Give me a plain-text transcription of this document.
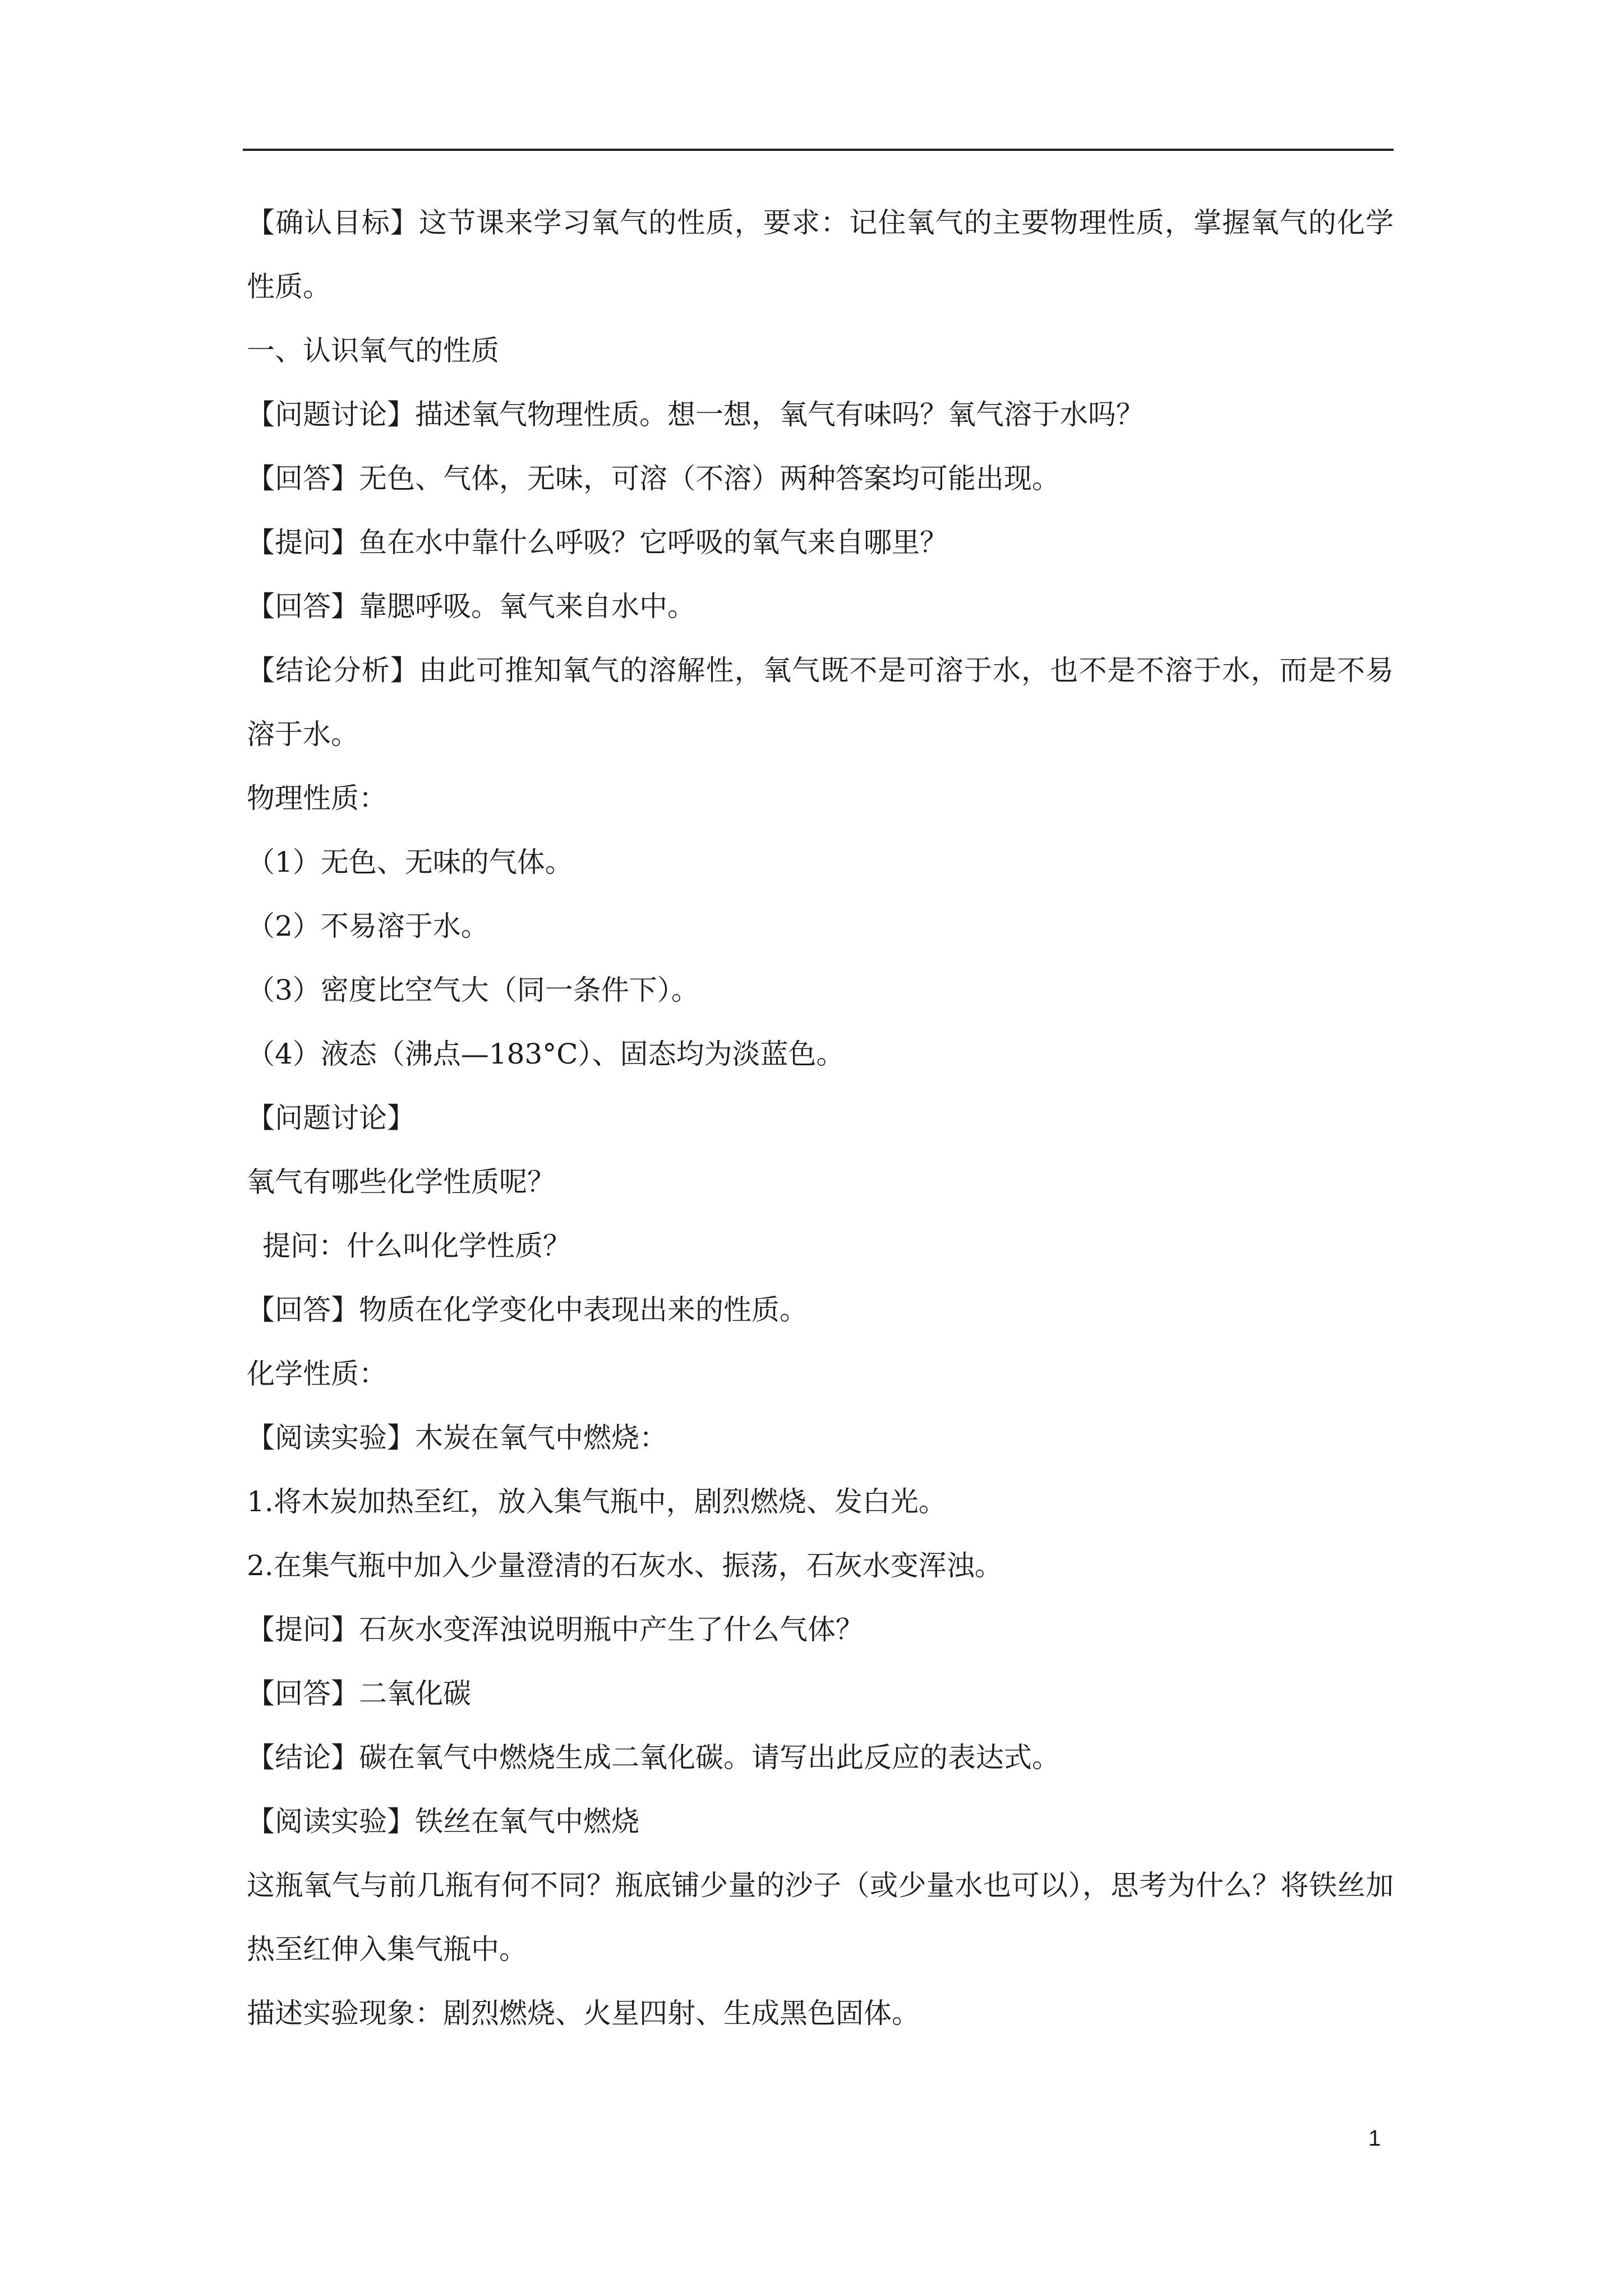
【确认目标】这节课来学习氧气的性质，要求：记住氧气的主要物理性质，掌握氧气的化学性质。
一、认识氧气的性质
【问题讨论】描述氧气物理性质。想一想，氧气有味吗？氧气溶于水吗？
【回答】无色、气体，无味，可溶（不溶）两种答案均可能出现。
【提问】鱼在水中靠什么呼吸？它呼吸的氧气来自哪里？
【回答】靠腮呼吸。氧气来自水中。
【结论分析】由此可推知氧气的溶解性，氧气既不是可溶于水，也不是不溶于水，而是不易溶于水。
物理性质：
（1）无色、无味的气体。
（2）不易溶于水。
（3）密度比空气大（同一条件下）。
（4）液态（沸点—183°C）、固态均为淡蓝色。
【问题讨论】
氧气有哪些化学性质呢？
提问：什么叫化学性质？
【回答】物质在化学变化中表现出来的性质。
化学性质：
【阅读实验】木炭在氧气中燃烧：
1.将木炭加热至红，放入集气瓶中，剧烈燃烧、发白光。
2.在集气瓶中加入少量澄清的石灰水、振荡，石灰水变浑浊。
【提问】石灰水变浑浊说明瓶中产生了什么气体？
【回答】二氧化碳
【结论】碳在氧气中燃烧生成二氧化碳。请写出此反应的表达式。
【阅读实验】铁丝在氧气中燃烧
这瓶氧气与前几瓶有何不同？瓶底铺少量的沙子（或少量水也可以），思考为什么？将铁丝加热至红伸入集气瓶中。
描述实验现象：剧烈燃烧、火星四射、生成黑色固体。
1
